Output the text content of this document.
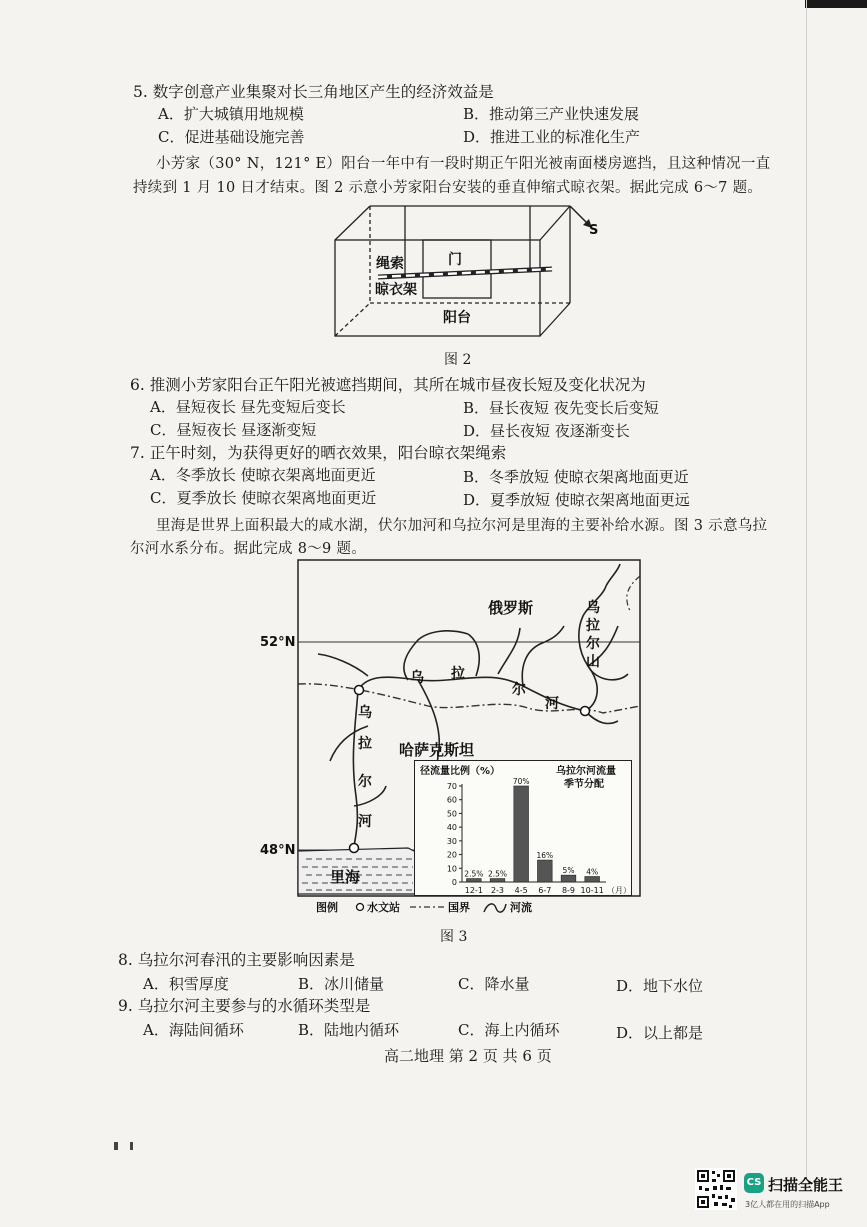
5. 数字创意产业集聚对长三角地区产生的经济效益是
A．扩大城镇用地规模	B．推动第三产业快速发展
C．促进基础设施完善	D．推进工业的标准化生产
小芳家（30° N，121° E）阳台一年中有一段时期正午阳光被南面楼房遮挡，且这种情况一直
持续到 1 月 10 日才结束。图 2 示意小芳家阳台安装的垂直伸缩式晾衣架。据此完成 6～7 题。
S
绳索	门
晾衣架
阳台
图 2
6. 推测小芳家阳台正午阳光被遮挡期间，其所在城市昼夜长短及变化状况为
A．昼短夜长 昼先变短后变长	B．昼长夜短 夜先变长后变短
C．昼短夜长 昼逐渐变短	D．昼长夜短 夜逐渐变长
7. 正午时刻，为获得更好的晒衣效果，阳台晾衣架绳索
A．冬季放长 使晾衣架离地面更近	B．冬季放短 使晾衣架离地面更近
C．夏季放长 使晾衣架离地面更近	D．夏季放短 使晾衣架离地面更远
里海是世界上面积最大的咸水湖，伏尔加河和乌拉尔河是里海的主要补给水源。图 3 示意乌拉
尔河水系分布。据此完成 8～9 题。
52°N
48°N
里海
俄罗斯
哈萨克斯坦
乌
拉
尔
山
乌 拉
尔
河
乌
拉
尔
河
图例	水文站	国界	河流
径流量比例（%）	乌拉尔河流量
季节分配
0
10
20
30
40
50
60
70
12-1 2-3 4-5 6-7 8-9 10-11
2.5% 2.5%
70%
16%
5% 4%
（月）
图 3
8. 乌拉尔河春汛的主要影响因素是
A．积雪厚度	B．冰川储量	C．降水量	D．地下水位
9. 乌拉尔河主要参与的水循环类型是
A．海陆间循环	B．陆地内循环	C．海上内循环	D．以上都是
高二地理 第 2 页 共 6 页
CS 扫描全能王
3亿人都在用的扫描App
